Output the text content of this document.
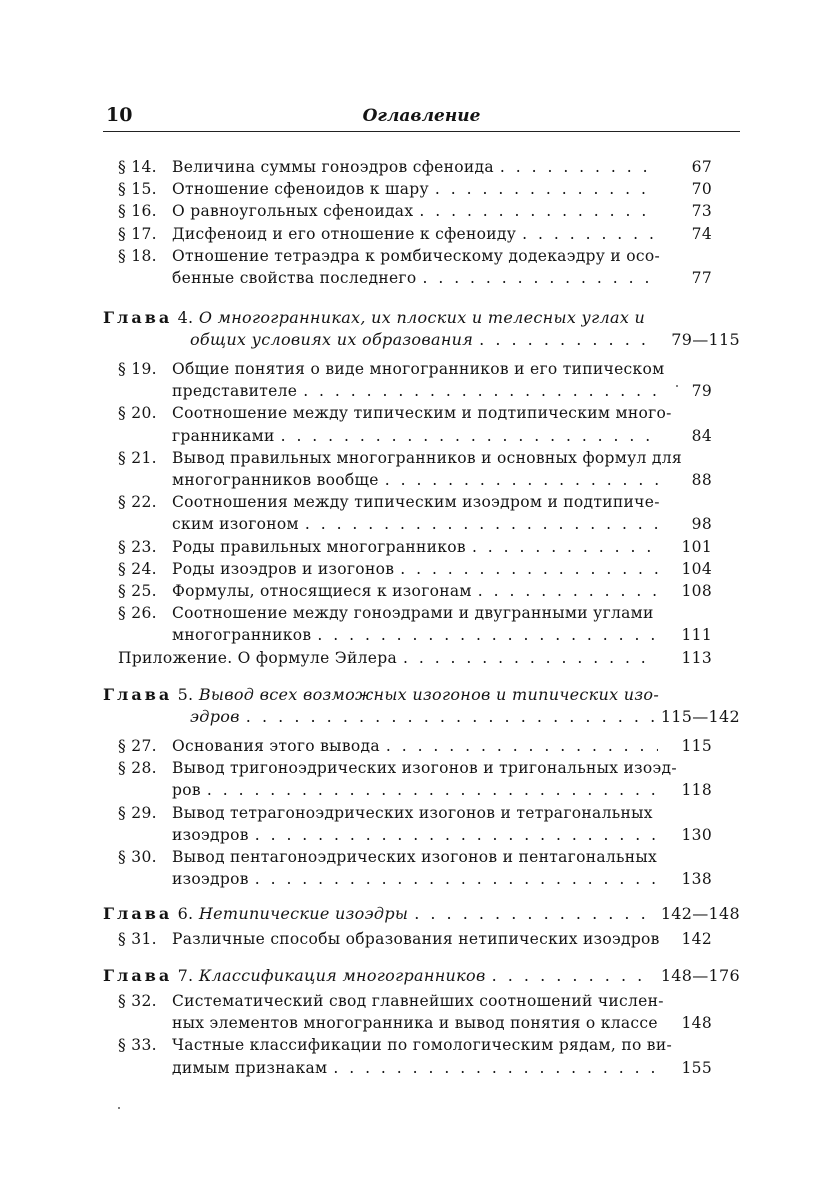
10	Оглавление
§ 14. Величина суммы гоноэдров сфеноида . . .	67
§ 15. Отношение сфеноидов к шару . . .	70
§ 16. О равноугольных сфеноидах . . .	73
§ 17. Дисфеноид и его отношение к сфеноиду . . .	74
§ 18. Отношение тетраэдра к ромбическому додекаэдру и осо-
бенные свойства последнего . . .	77
Глава 4. О многогранниках, их плоских и телесных углах и
общих условиях их образования . . .	79—115
§ 19. Общие понятия о виде многогранников и его типическом
представителе . . .	79
§ 20. Соотношение между типическим и подтипическим много-
гранниками . . .	84
§ 21. Вывод правильных многогранников и основных формул для
многогранников вообще . . .	88
§ 22. Соотношения между типическим изоэдром и подтипиче-
ским изогоном . . .	98
§ 23. Роды правильных многогранников . . .	101
§ 24. Роды изоэдров и изогонов . . .	104
§ 25. Формулы, относящиеся к изогонам . . .	108
§ 26. Соотношение между гоноэдрами и двугранными углами
многогранников . . .	111
Приложение. О формуле Эйлера . . .	113
Глава 5. Вывод всех возможных изогонов и типических изо-
эдров . . .	115—142
§ 27. Основания этого вывода . . .	115
§ 28. Вывод тригоноэдрических изогонов и тригональных изоэд-
ров . . .	118
§ 29. Вывод тетрагоноэдрических изогонов и тетрагональных
изоэдров . . .	130
§ 30. Вывод пентагоноэдрических изогонов и пентагональных
изоэдров . . .	138
Глава 6. Нетипические изоэдры . . .	142—148
§ 31. Различные способы образования нетипических изоэдров	142
Глава 7. Классификация многогранников . . .	148—176
§ 32. Систематический свод главнейших соотношений числен-
ных элементов многогранника и вывод понятия о классе	148
§ 33. Частные классификации по гомологическим рядам, по ви-
димым признакам . . .	155
